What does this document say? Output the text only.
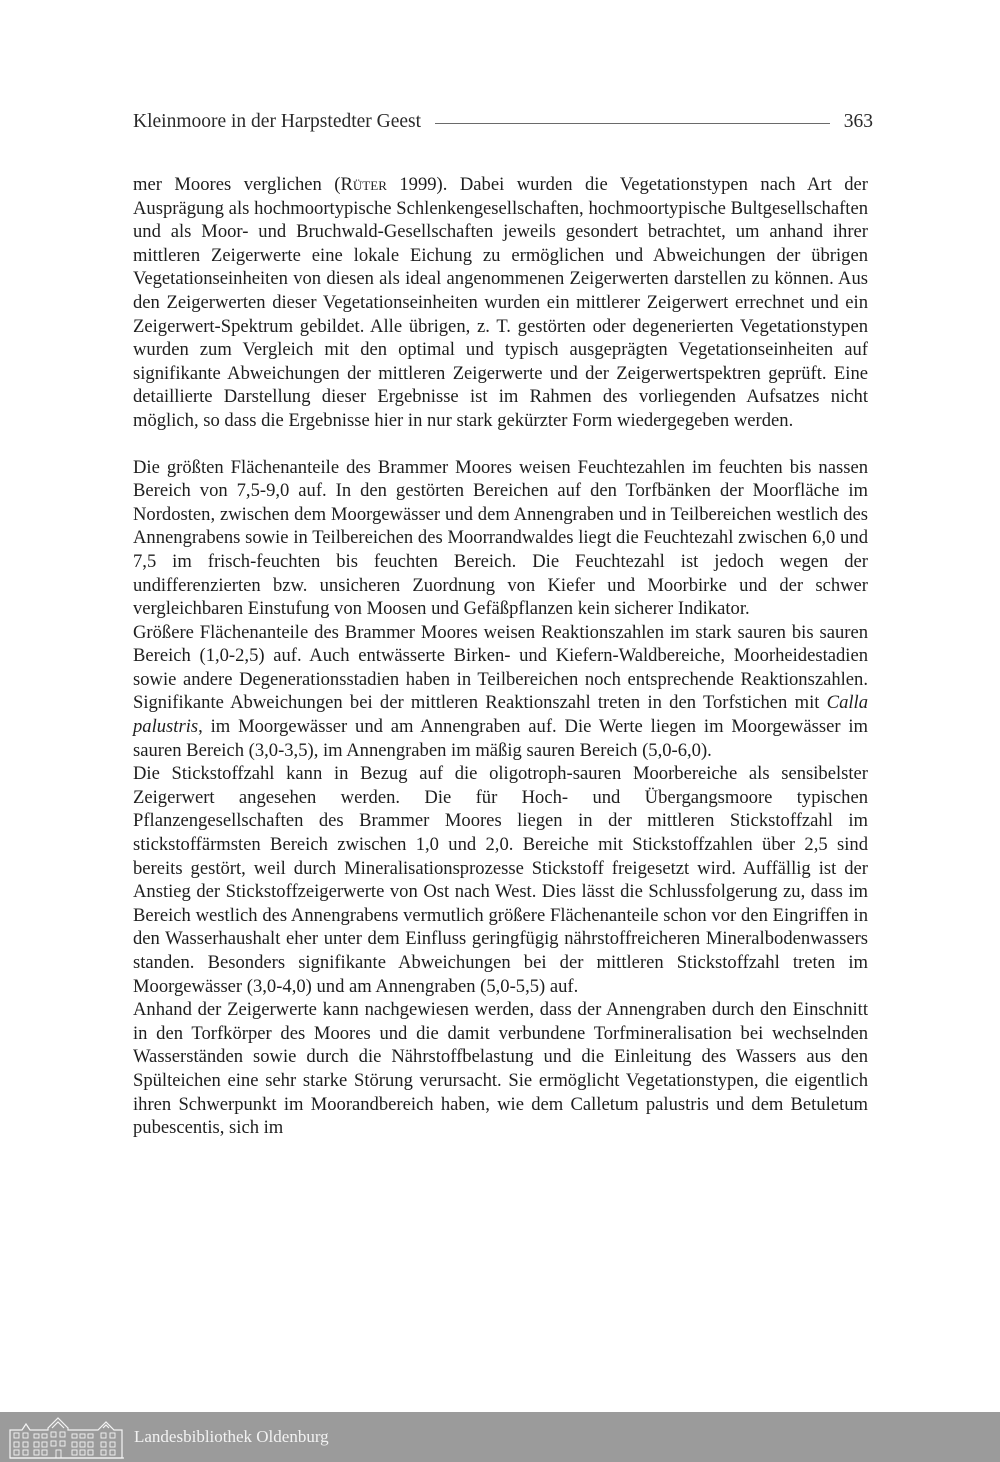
Kleinmoore in der Harpstedter Geest	363

mer Moores verglichen (Rüter 1999). Dabei wurden die Vegetationstypen nach Art der Ausprägung als hochmoortypische Schlenkengesellschaften, hochmoortypische Bultgesellschaften und als Moor- und Bruchwald-Gesellschaften jeweils gesondert betrachtet, um anhand ihrer mittleren Zeigerwerte eine lokale Eichung zu ermöglichen und Abweichungen der übrigen Vegetationseinheiten von diesen als ideal angenommenen Zeigerwerten darstellen zu können. Aus den Zeigerwerten dieser Vegetationseinheiten wurden ein mittlerer Zeigerwert errechnet und ein Zeigerwert-Spektrum gebildet. Alle übrigen, z. T. gestörten oder degenerierten Vegetationstypen wurden zum Vergleich mit den optimal und typisch ausgeprägten Vegetationseinheiten auf signifikante Abweichungen der mittleren Zeigerwerte und der Zeigerwertspektren geprüft. Eine detaillierte Darstellung dieser Ergebnisse ist im Rahmen des vorliegenden Aufsatzes nicht möglich, so dass die Ergebnisse hier in nur stark gekürzter Form wiedergegeben werden.

Die größten Flächenanteile des Brammer Moores weisen Feuchtezahlen im feuchten bis nassen Bereich von 7,5-9,0 auf. In den gestörten Bereichen auf den Torfbänken der Moorfläche im Nordosten, zwischen dem Moorgewässer und dem Annengraben und in Teilbereichen westlich des Annengrabens sowie in Teilbereichen des Moorrandwaldes liegt die Feuchtezahl zwischen 6,0 und 7,5 im frisch-feuchten bis feuchten Bereich. Die Feuchtezahl ist jedoch wegen der undifferenzierten bzw. unsicheren Zuordnung von Kiefer und Moorbirke und der schwer vergleichbaren Einstufung von Moosen und Gefäßpflanzen kein sicherer Indikator.

Größere Flächenanteile des Brammer Moores weisen Reaktionszahlen im stark sauren bis sauren Bereich (1,0-2,5) auf. Auch entwässerte Birken- und Kiefern-Waldbereiche, Moorheidestadien sowie andere Degenerationsstadien haben in Teilbereichen noch entsprechende Reaktionszahlen. Signifikante Abweichungen bei der mittleren Reaktionszahl treten in den Torfstichen mit Calla palustris, im Moorgewässer und am Annengraben auf. Die Werte liegen im Moorgewässer im sauren Bereich (3,0-3,5), im Annengraben im mäßig sauren Bereich (5,0-6,0).

Die Stickstoffzahl kann in Bezug auf die oligotroph-sauren Moorbereiche als sensibelster Zeigerwert angesehen werden. Die für Hoch- und Übergangsmoore typischen Pflanzengesellschaften des Brammer Moores liegen in der mittleren Stickstoffzahl im stickstoffärmsten Bereich zwischen 1,0 und 2,0. Bereiche mit Stickstoffzahlen über 2,5 sind bereits gestört, weil durch Mineralisationsprozesse Stickstoff freigesetzt wird. Auffällig ist der Anstieg der Stickstoffzeigerwerte von Ost nach West. Dies lässt die Schlussfolgerung zu, dass im Bereich westlich des Annengrabens vermutlich größere Flächenanteile schon vor den Eingriffen in den Wasserhaushalt eher unter dem Einfluss geringfügig nährstoffreicheren Mineralbodenwassers standen. Besonders signifikante Abweichungen bei der mittleren Stickstoffzahl treten im Moorgewässer (3,0-4,0) und am Annengraben (5,0-5,5) auf.

Anhand der Zeigerwerte kann nachgewiesen werden, dass der Annengraben durch den Einschnitt in den Torfkörper des Moores und die damit verbundene Torfmineralisation bei wechselnden Wasserständen sowie durch die Nährstoffbelastung und die Einleitung des Wassers aus den Spülteichen eine sehr starke Störung verursacht. Sie ermöglicht Vegetationstypen, die eigentlich ihren Schwerpunkt im Moorandbereich haben, wie dem Calletum palustris und dem Betuletum pubescentis, sich im

Landesbibliothek Oldenburg
